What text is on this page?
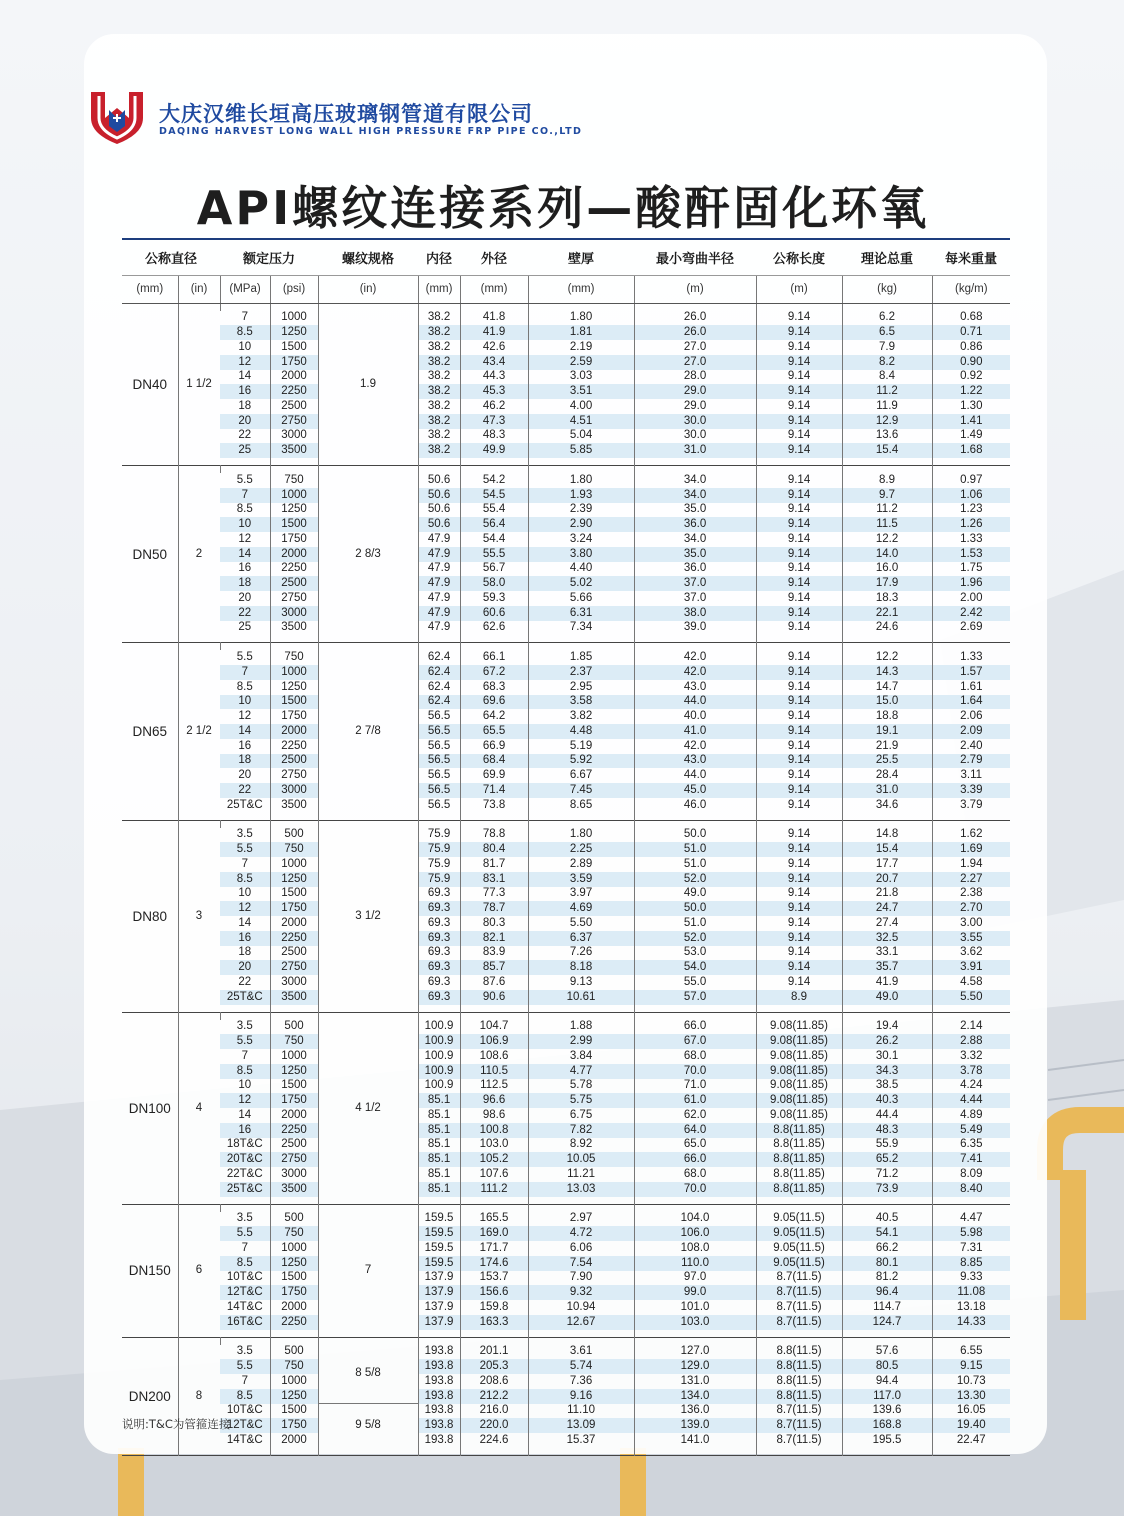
大庆汉维长垣高压玻璃钢管道有限公司
DAQING HARVEST LONG WALL HIGH PRESSURE FRP PIPE CO.,LTD
API螺纹连接系列—酸酐固化环氧
公称直径		额定压力		螺纹规格	内径	外径	壁厚	最小弯曲半径	公称长度	理论总重	每米重量
(mm)	(in)	(MPa)	(psi)	(in)	(mm)	(mm)	(mm)	(m)	(m)	(kg)	(kg/m)
DN40	1 1/2			1.9							
		7	1000		38.2	41.8	1.80	26.0	9.14	6.2	0.68
		8.5	1250		38.2	41.9	1.81	26.0	9.14	6.5	0.71
		10	1500		38.2	42.6	2.19	27.0	9.14	7.9	0.86
		12	1750		38.2	43.4	2.59	27.0	9.14	8.2	0.90
		14	2000		38.2	44.3	3.03	28.0	9.14	8.4	0.92
		16	2250		38.2	45.3	3.51	29.0	9.14	11.2	1.22
		18	2500		38.2	46.2	4.00	29.0	9.14	11.9	1.30
		20	2750		38.2	47.3	4.51	30.0	9.14	12.9	1.41
		22	3000		38.2	48.3	5.04	30.0	9.14	13.6	1.49
		25	3500		38.2	49.9	5.85	31.0	9.14	15.4	1.68

DN50	2			2 8/3							
		5.5	750		50.6	54.2	1.80	34.0	9.14	8.9	0.97
		7	1000		50.6	54.5	1.93	34.0	9.14	9.7	1.06
		8.5	1250		50.6	55.4	2.39	35.0	9.14	11.2	1.23
		10	1500		50.6	56.4	2.90	36.0	9.14	11.5	1.26
		12	1750		47.9	54.4	3.24	34.0	9.14	12.2	1.33
		14	2000		47.9	55.5	3.80	35.0	9.14	14.0	1.53
		16	2250		47.9	56.7	4.40	36.0	9.14	16.0	1.75
		18	2500		47.9	58.0	5.02	37.0	9.14	17.9	1.96
		20	2750		47.9	59.3	5.66	37.0	9.14	18.3	2.00
		22	3000		47.9	60.6	6.31	38.0	9.14	22.1	2.42
		25	3500		47.9	62.6	7.34	39.0	9.14	24.6	2.69

DN65	2 1/2			2 7/8							
		5.5	750		62.4	66.1	1.85	42.0	9.14	12.2	1.33
		7	1000		62.4	67.2	2.37	42.0	9.14	14.3	1.57
		8.5	1250		62.4	68.3	2.95	43.0	9.14	14.7	1.61
		10	1500		62.4	69.6	3.58	44.0	9.14	15.0	1.64
		12	1750		56.5	64.2	3.82	40.0	9.14	18.8	2.06
		14	2000		56.5	65.5	4.48	41.0	9.14	19.1	2.09
		16	2250		56.5	66.9	5.19	42.0	9.14	21.9	2.40
		18	2500		56.5	68.4	5.92	43.0	9.14	25.5	2.79
		20	2750		56.5	69.9	6.67	44.0	9.14	28.4	3.11
		22	3000		56.5	71.4	7.45	45.0	9.14	31.0	3.39
		25T&C	3500		56.5	73.8	8.65	46.0	9.14	34.6	3.79

DN80	3			3 1/2							
		3.5	500		75.9	78.8	1.80	50.0	9.14	14.8	1.62
		5.5	750		75.9	80.4	2.25	51.0	9.14	15.4	1.69
		7	1000		75.9	81.7	2.89	51.0	9.14	17.7	1.94
		8.5	1250		75.9	83.1	3.59	52.0	9.14	20.7	2.27
		10	1500		69.3	77.3	3.97	49.0	9.14	21.8	2.38
		12	1750		69.3	78.7	4.69	50.0	9.14	24.7	2.70
		14	2000		69.3	80.3	5.50	51.0	9.14	27.4	3.00
		16	2250		69.3	82.1	6.37	52.0	9.14	32.5	3.55
		18	2500		69.3	83.9	7.26	53.0	9.14	33.1	3.62
		20	2750		69.3	85.7	8.18	54.0	9.14	35.7	3.91
		22	3000		69.3	87.6	9.13	55.0	9.14	41.9	4.58
		25T&C	3500		69.3	90.6	10.61	57.0	8.9	49.0	5.50

DN100	4			4 1/2							
		3.5	500		100.9	104.7	1.88	66.0	9.08(11.85)	19.4	2.14
		5.5	750		100.9	106.9	2.99	67.0	9.08(11.85)	26.2	2.88
		7	1000		100.9	108.6	3.84	68.0	9.08(11.85)	30.1	3.32
		8.5	1250		100.9	110.5	4.77	70.0	9.08(11.85)	34.3	3.78
		10	1500		100.9	112.5	5.78	71.0	9.08(11.85)	38.5	4.24
		12	1750		85.1	96.6	5.75	61.0	9.08(11.85)	40.3	4.44
		14	2000		85.1	98.6	6.75	62.0	9.08(11.85)	44.4	4.89
		16	2250		85.1	100.8	7.82	64.0	8.8(11.85)	48.3	5.49
		18T&C	2500		85.1	103.0	8.92	65.0	8.8(11.85)	55.9	6.35
		20T&C	2750		85.1	105.2	10.05	66.0	8.8(11.85)	65.2	7.41
		22T&C	3000		85.1	107.6	11.21	68.0	8.8(11.85)	71.2	8.09
		25T&C	3500		85.1	111.2	13.03	70.0	8.8(11.85)	73.9	8.40

DN150	6			7							
		3.5	500		159.5	165.5	2.97	104.0	9.05(11.5)	40.5	4.47
		5.5	750		159.5	169.0	4.72	106.0	9.05(11.5)	54.1	5.98
		7	1000		159.5	171.7	6.06	108.0	9.05(11.5)	66.2	7.31
		8.5	1250		159.5	174.6	7.54	110.0	9.05(11.5)	80.1	8.85
		10T&C	1500		137.9	153.7	7.90	97.0	8.7(11.5)	81.2	9.33
		12T&C	1750		137.9	156.6	9.32	99.0	8.7(11.5)	96.4	11.08
		14T&C	2000		137.9	159.8	10.94	101.0	8.7(11.5)	114.7	13.18
		16T&C	2250		137.9	163.3	12.67	103.0	8.7(11.5)	124.7	14.33

DN200	8										
		3.5	500	8 5/8	193.8	201.1	3.61	127.0	8.8(11.5)	57.6	6.55
		5.5	750		193.8	205.3	5.74	129.0	8.8(11.5)	80.5	9.15
		7	1000		193.8	208.6	7.36	131.0	8.8(11.5)	94.4	10.73
		8.5	1250		193.8	212.2	9.16	134.0	8.8(11.5)	117.0	13.30
		10T&C	1500	9 5/8	193.8	216.0	11.10	136.0	8.7(11.5)	139.6	16.05
		12T&C	1750		193.8	220.0	13.09	139.0	8.7(11.5)	168.8	19.40
		14T&C	2000		193.8	224.6	15.37	141.0	8.7(11.5)	195.5	22.47

说明:T&C为管箍连接
